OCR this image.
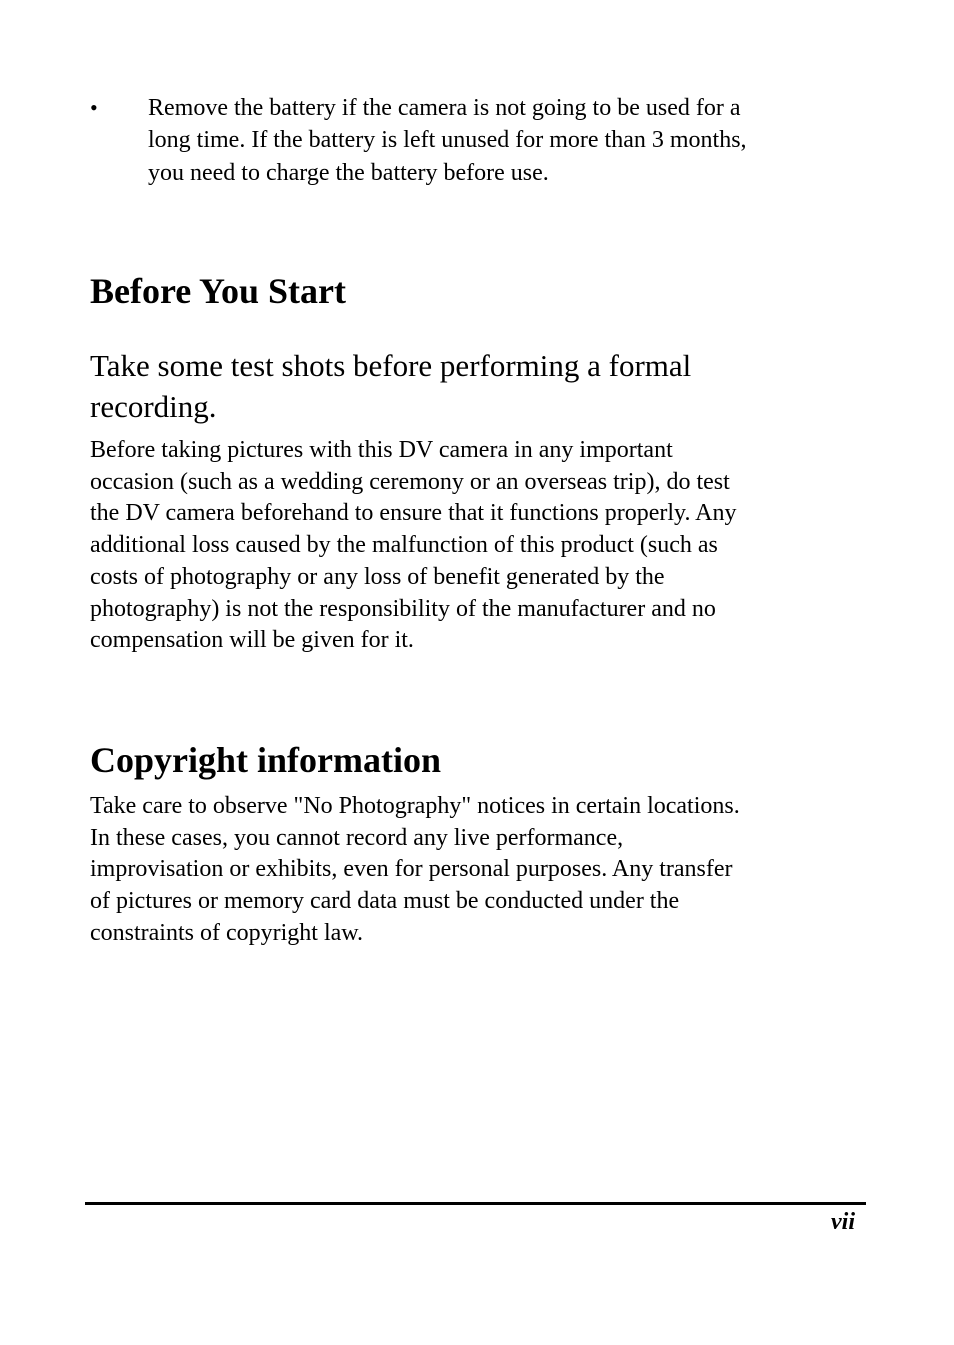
•	Remove the battery if the camera is not going to be used for a
long time. If the battery is left unused for more than 3 months,
you need to charge the battery before use.
Before You Start

Take some test shots before performing a formal
recording.

Before taking pictures with this DV camera in any important
occasion (such as a wedding ceremony or an overseas trip), do test
the DV camera beforehand to ensure that it functions properly. Any
additional loss caused by the malfunction of this product (such as
costs of photography or any loss of benefit generated by the
photography) is not the responsibility of the manufacturer and no
compensation will be given for it.

Copyright information

Take care to observe "No Photography" notices in certain locations.
In these cases, you cannot record any live performance,
improvisation or exhibits, even for personal purposes. Any transfer
of pictures or memory card data must be conducted under the
constraints of copyright law.

vii
